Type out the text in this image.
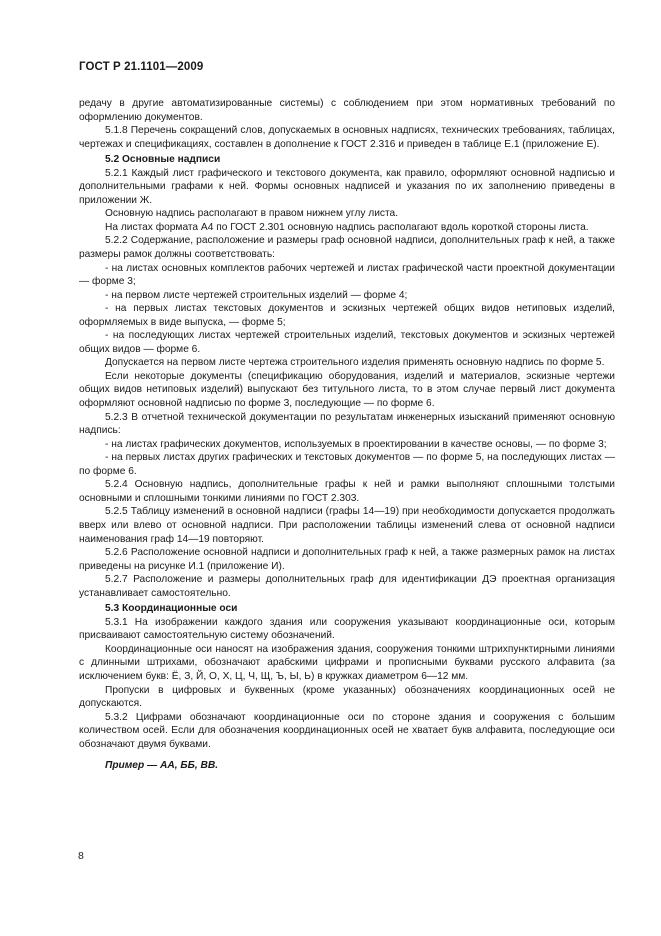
ГОСТ Р 21.1101—2009

редачу в другие автоматизированные системы) с соблюдением при этом нормативных требований по оформлению документов.

5.1.8 Перечень сокращений слов, допускаемых в основных надписях, технических требованиях, таблицах, чертежах и спецификациях, составлен в дополнение к ГОСТ 2.316 и приведен в таблице Е.1 (приложение Е).

5.2 Основные надписи

5.2.1 Каждый лист графического и текстового документа, как правило, оформляют основной надписью и дополнительными графами к ней. Формы основных надписей и указания по их заполнению приведены в приложении Ж.

Основную надпись располагают в правом нижнем углу листа.

На листах формата А4 по ГОСТ 2.301 основную надпись располагают вдоль короткой стороны листа.

5.2.2 Содержание, расположение и размеры граф основной надписи, дополнительных граф к ней, а также размеры рамок должны соответствовать:

- на листах основных комплектов рабочих чертежей и листах графической части проектной документации — форме 3;

- на первом листе чертежей строительных изделий — форме 4;

- на первых листах текстовых документов и эскизных чертежей общих видов нетиповых изделий, оформляемых в виде выпуска, — форме 5;

- на последующих листах чертежей строительных изделий, текстовых документов и эскизных чертежей общих видов — форме 6.

Допускается на первом листе чертежа строительного изделия применять основную надпись по форме 5.

Если некоторые документы (спецификацию оборудования, изделий и материалов, эскизные чертежи общих видов нетиповых изделий) выпускают без титульного листа, то в этом случае первый лист документа оформляют основной надписью по форме 3, последующие — по форме 6.

5.2.3 В отчетной технической документации по результатам инженерных изысканий применяют основную надпись:

- на листах графических документов, используемых в проектировании в качестве основы, — по форме 3;

- на первых листах других графических и текстовых документов — по форме 5, на последующих листах — по форме 6.

5.2.4 Основную надпись, дополнительные графы к ней и рамки выполняют сплошными толстыми основными и сплошными тонкими линиями по ГОСТ 2.303.

5.2.5 Таблицу изменений в основной надписи (графы 14—19) при необходимости допускается продолжать вверх или влево от основной надписи. При расположении таблицы изменений слева от основной надписи наименования граф 14—19 повторяют.

5.2.6 Расположение основной надписи и дополнительных граф к ней, а также размерных рамок на листах приведены на рисунке И.1 (приложение И).

5.2.7 Расположение и размеры дополнительных граф для идентификации ДЭ проектная организация устанавливает самостоятельно.

5.3 Координационные оси

5.3.1 На изображении каждого здания или сооружения указывают координационные оси, которым присваивают самостоятельную систему обозначений.

Координационные оси наносят на изображения здания, сооружения тонкими штрихпунктирными линиями с длинными штрихами, обозначают арабскими цифрами и прописными буквами русского алфавита (за исключением букв: Ё, З, Й, О, Х, Ц, Ч, Щ, Ъ, Ы, Ь) в кружках диаметром 6—12 мм.

Пропуски в цифровых и буквенных (кроме указанных) обозначениях координационных осей не допускаются.

5.3.2 Цифрами обозначают координационные оси по стороне здания и сооружения с большим количеством осей. Если для обозначения координационных осей не хватает букв алфавита, последующие оси обозначают двумя буквами.

Пример — АА, ББ, ВВ.

8
